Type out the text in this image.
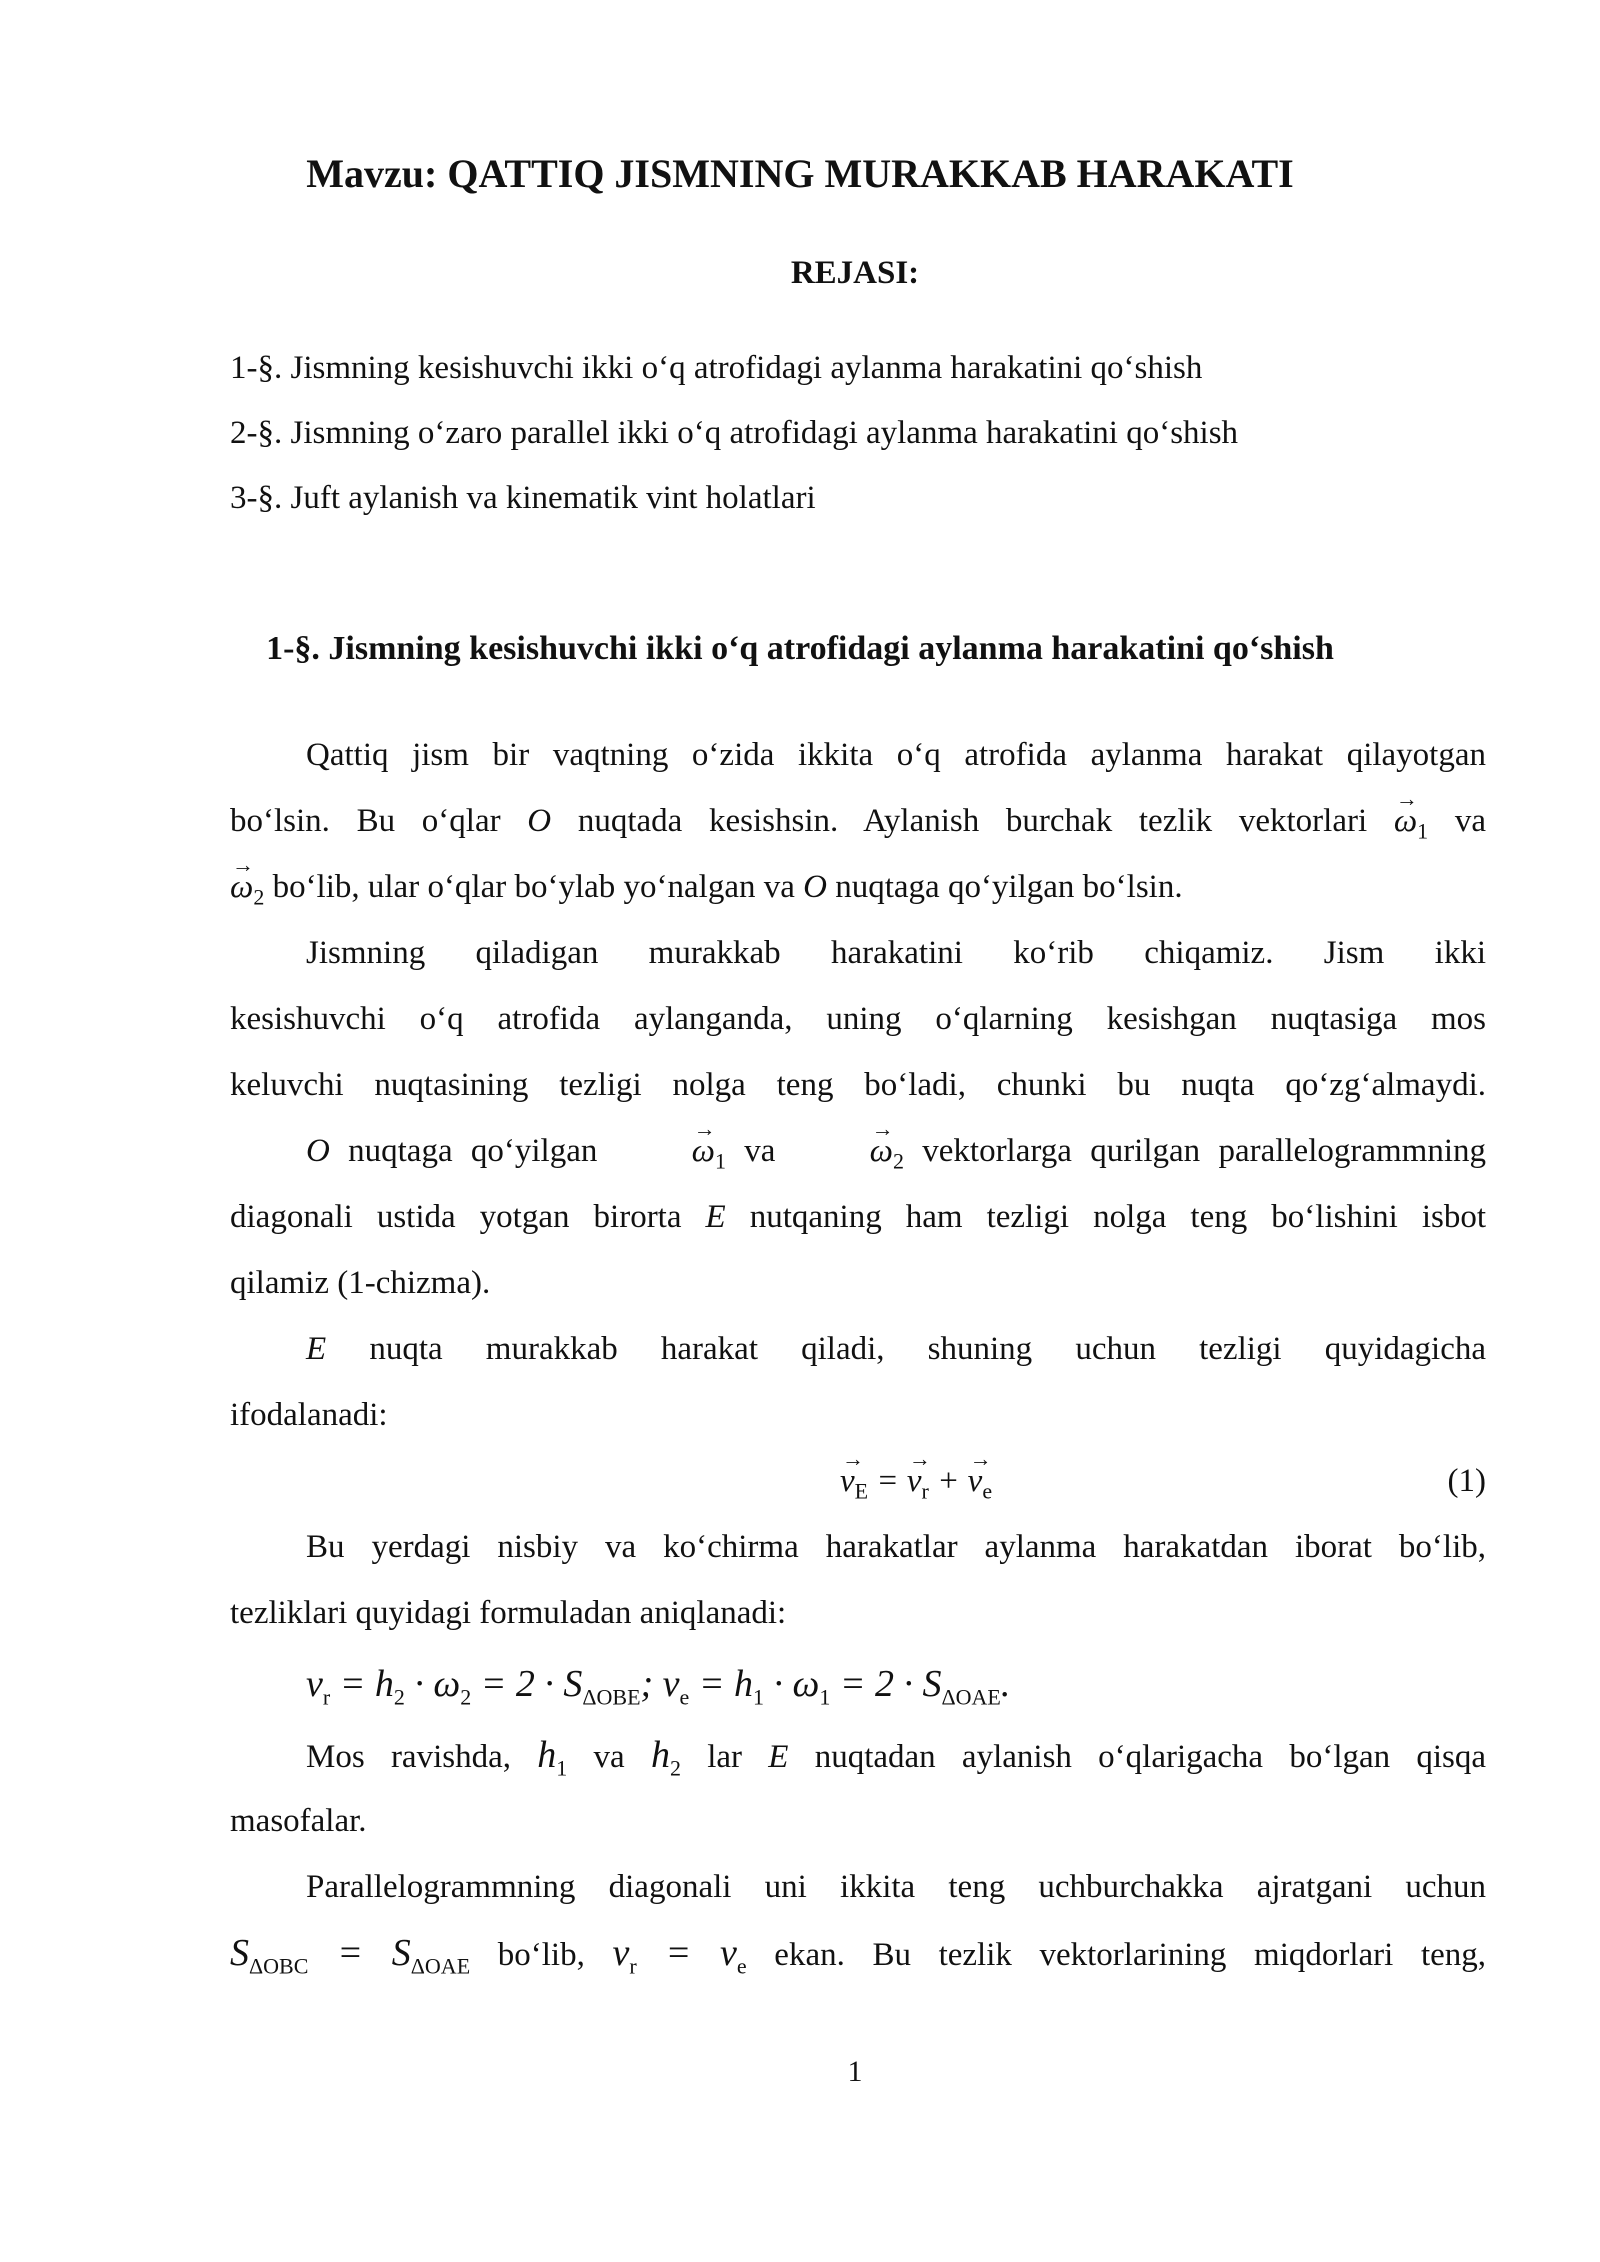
Mavzu: QATTIQ JISMNING MURAKKAB HARAKATI
REJASI:
1-§. Jismning kesishuvchi ikki o‘q atrofidagi aylanma harakatini qo‘shish
2-§. Jismning o‘zaro parallel ikki o‘q atrofidagi aylanma harakatini qo‘shish
3-§. Juft aylanish va kinematik vint holatlari
1-§. Jismning kesishuvchi ikki o‘q atrofidagi aylanma harakatini qo‘shish
Qattiq jism bir vaqtning o‘zida ikkita o‘q atrofida aylanma harakat qilayotgan
bo‘lsin. Bu o‘qlar O nuqtada kesishsin. Aylanish burchak tezlik vektorlari → $\omega_1$ va
→ $\omega_2$ bo‘lib, ular o‘qlar bo‘ylab yo‘nalgan va O nuqtaga qo‘yilgan bo‘lsin.
Jismning qiladigan murakkab harakatini ko‘rib chiqamiz. Jism ikki
kesishuvchi o‘q atrofida aylanganda, uning o‘qlarning kesishgan nuqtasiga mos
keluvchi nuqtasining tezligi nolga teng bo‘ladi, chunki bu nuqta qo‘zg‘almaydi.
O nuqtaga qo‘yilgan	→ $\omega_1$ va	→ $\omega_2$ vektorlarga qurilgan parallelogrammning
diagonali ustida yotgan birorta E nutqaning ham tezligi nolga teng bo‘lishini isbot
qilamiz (1-chizma).
E nuqta murakkab harakat qiladi, shuning uchun tezligi quyidagicha
ifodalanadi:
→ $v_E$ = → $v_r$ + → $v_e$	(1)
Bu yerdagi nisbiy va ko‘chirma harakatlar aylanma harakatdan iborat bo‘lib,
tezliklari quyidagi formuladan aniqlanadi:
$v_r = h_2 \cdot \omega_2 = 2 \cdot S_{\Delta OBE}$; $v_e = h_1 \cdot \omega_1 = 2 \cdot S_{\Delta OAE}$.
Mos ravishda, $h_1$ va $h_2$ lar E nuqtadan aylanish o‘qlarigacha bo‘lgan qisqa
masofalar.
Parallelogrammning diagonali uni ikkita teng uchburchakka ajratgani uchun
$S_{\Delta OBC} = S_{\Delta OAE}$ bo‘lib, $v_r = v_e$ ekan. Bu tezlik vektorlarining miqdorlari teng,
1
